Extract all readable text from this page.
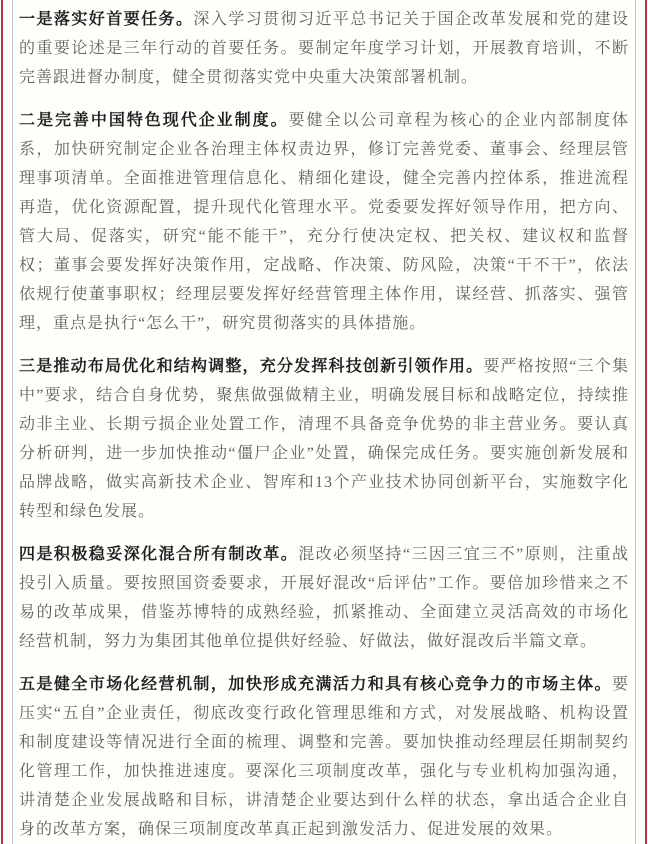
一是落实好首要任务。深入学习贯彻习近平总书记关于国企改革发展和党的建设的重要论述是三年行动的首要任务。要制定年度学习计划，开展教育培训，不断完善跟进督办制度，健全贯彻落实党中央重大决策部署机制。

二是完善中国特色现代企业制度。要健全以公司章程为核心的企业内部制度体系，加快研究制定企业各治理主体权责边界，修订完善党委、董事会、经理层管理事项清单。全面推进管理信息化、精细化建设，健全完善内控体系，推进流程再造，优化资源配置，提升现代化管理水平。党委要发挥好领导作用，把方向、管大局、促落实，研究“能不能干”，充分行使决定权、把关权、建议权和监督权；董事会要发挥好决策作用，定战略、作决策、防风险，决策“干不干”，依法依规行使董事职权；经理层要发挥好经营管理主体作用，谋经营、抓落实、强管理，重点是执行“怎么干”，研究贯彻落实的具体措施。

三是推动布局优化和结构调整，充分发挥科技创新引领作用。要严格按照“三个集中”要求，结合自身优势，聚焦做强做精主业，明确发展目标和战略定位，持续推动非主业、长期亏损企业处置工作，清理不具备竞争优势的非主营业务。要认真分析研判，进一步加快推动“僵尸企业”处置，确保完成任务。要实施创新发展和品牌战略，做实高新技术企业、智库和13个产业技术协同创新平台，实施数字化转型和绿色发展。

四是积极稳妥深化混合所有制改革。混改必须坚持“三因三宜三不”原则，注重战投引入质量。要按照国资委要求，开展好混改“后评估”工作。要倍加珍惜来之不易的改革成果，借鉴苏博特的成熟经验，抓紧推动、全面建立灵活高效的市场化经营机制，努力为集团其他单位提供好经验、好做法，做好混改后半篇文章。

五是健全市场化经营机制，加快形成充满活力和具有核心竞争力的市场主体。要压实“五自”企业责任，彻底改变行政化管理思维和方式，对发展战略、机构设置和制度建设等情况进行全面的梳理、调整和完善。要加快推动经理层任期制契约化管理工作，加快推进速度。要深化三项制度改革，强化与专业机构加强沟通，讲清楚企业发展战略和目标，讲清楚企业要达到什么样的状态，拿出适合企业自身的改革方案，确保三项制度改革真正起到激发活力、促进发展的效果。
